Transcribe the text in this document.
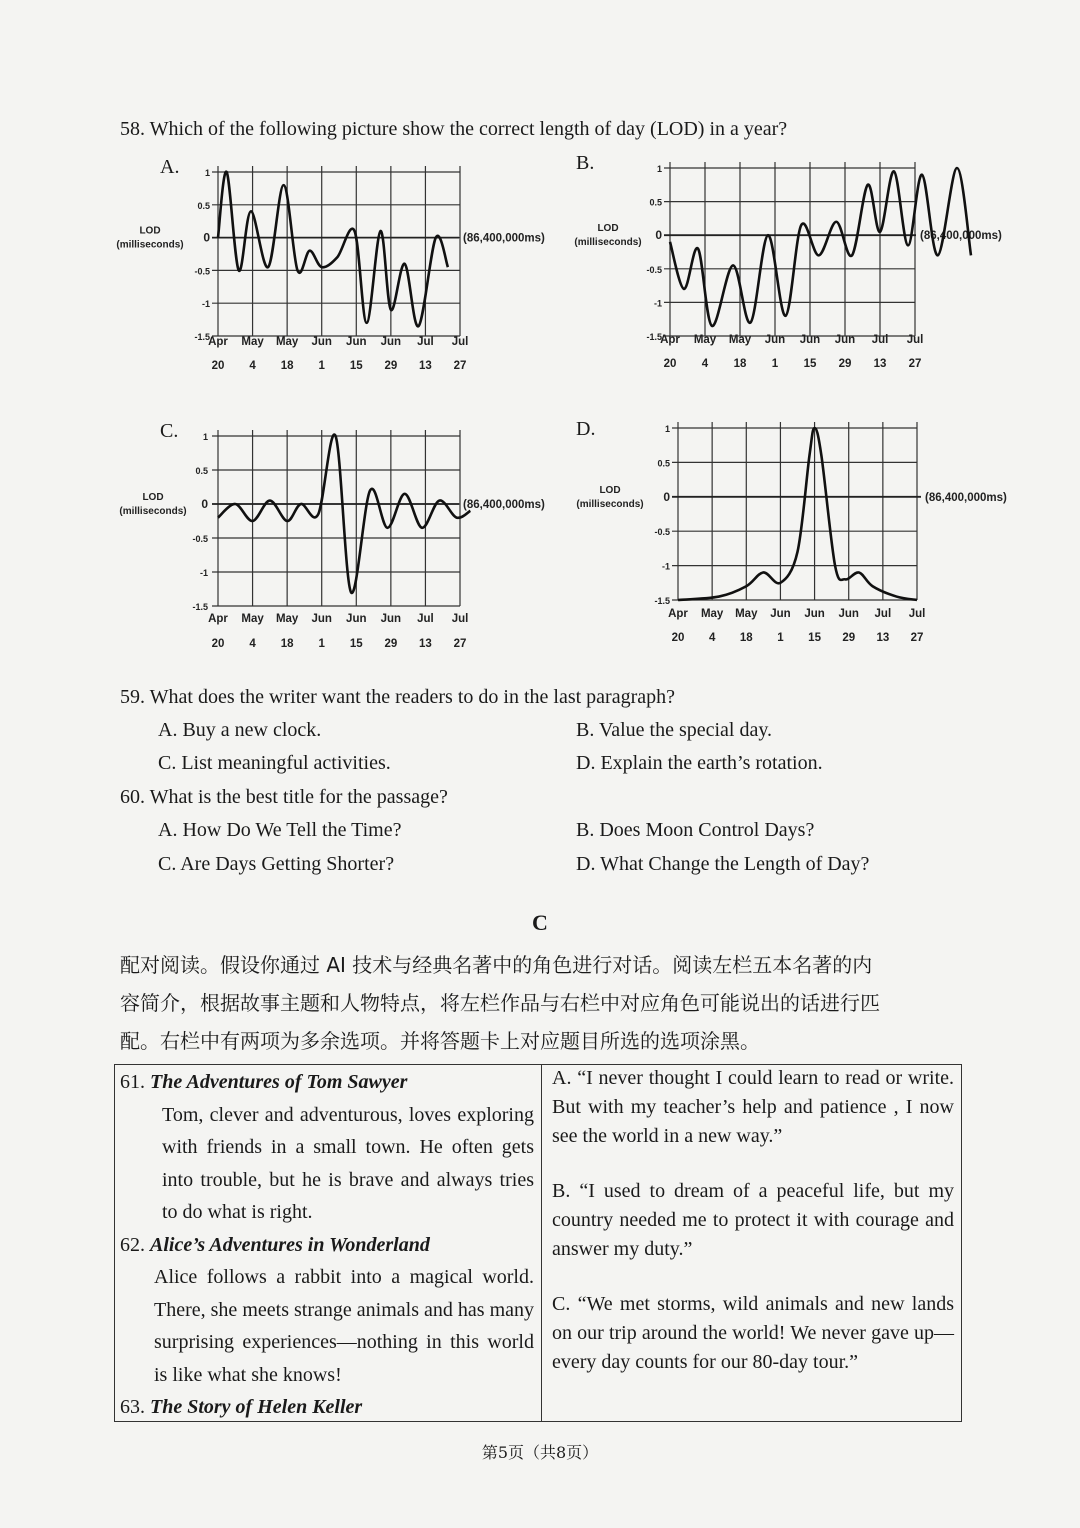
58. Which of the following picture show the correct length of day (LOD) in a year?
A.	B.
C.	D.
1
0.5
0
-0.5
-1
-1.5
LOD
(milliseconds)
(86,400,000ms)
Apr
20
May
4
May
18
Jun
1
Jun
15
Jun
29
Jul
13
Jul
27
1
0.5
0
-0.5
-1
-1.5
LOD
(milliseconds)
(86,400,000ms)
Apr
20
May
4
May
18
Jun
1
Jun
15
Jun
29
Jul
13
Jul
27
1
0.5
0
-0.5
-1
-1.5
LOD
(milliseconds)
(86,400,000ms)
Apr
20
May
4
May
18
Jun
1
Jun
15
Jun
29
Jul
13
Jul
27
1
0.5
0
-0.5
-1
-1.5
LOD
(milliseconds)
(86,400,000ms)
Apr
20
May
4
May
18
Jun
1
Jun
15
Jun
29
Jul
13
Jul
27
59. What does the writer want the readers to do in the last paragraph?
A. Buy a new clock.	B. Value the special day.
C. List meaningful activities.	D. Explain the earth’s rotation.
60. What is the best title for the passage?
A. How Do We Tell the Time?	B. Does Moon Control Days?
C. Are Days Getting Shorter?	D. What Change the Length of Day?
C
配对阅读。假设你通过 AI 技术与经典名著中的角色进行对话。阅读左栏五本名著的内
容简介，根据故事主题和人物特点，将左栏作品与右栏中对应角色可能说出的话进行匹
配。右栏中有两项为多余选项。并将答题卡上对应题目所选的选项涂黑。
61. The Adventures of Tom Sawyer
Tom, clever and adventurous, loves exploring with friends in a small town. He often gets into trouble, but he is brave and always tries to do what is right.
62. Alice’s Adventures in Wonderland
Alice follows a rabbit into a magical world. There, she meets strange animals and has many surprising experiences—nothing in this world is like what she knows!
63. The Story of Helen Keller
A. “I never thought I could learn to read or write. But with my teacher’s help and patience , I now see the world in a new way.”
B. “I used to dream of a peaceful life, but my country needed me to protect it with courage and answer my duty.”
C. “We met storms, wild animals and new lands on our trip around the world! We never gave up—every day counts for our 80-day tour.”
第5页（共8页）
